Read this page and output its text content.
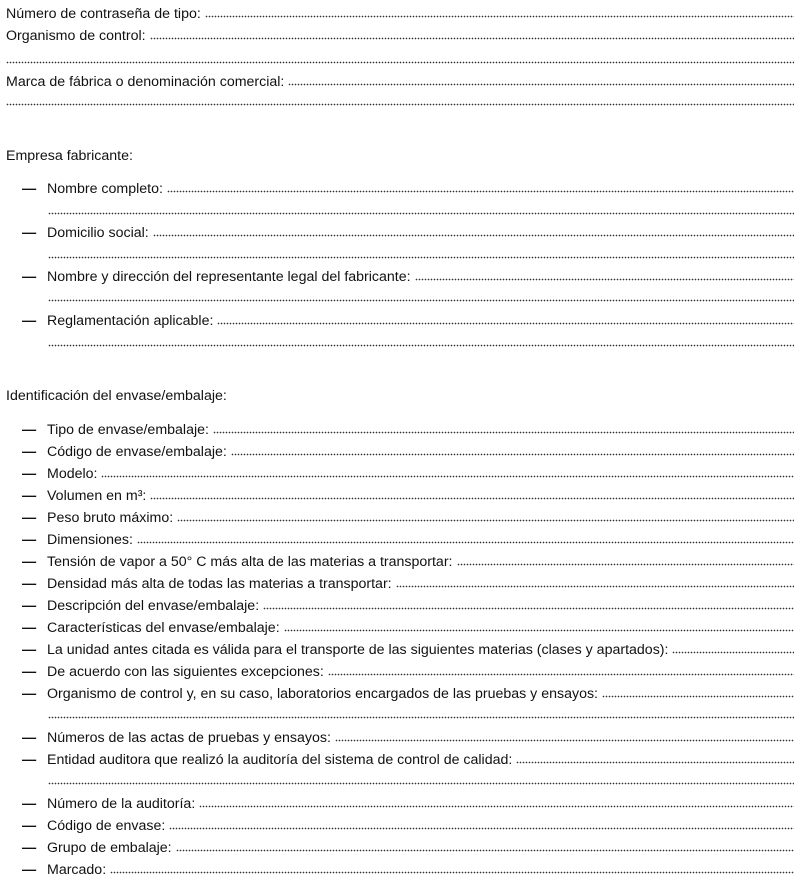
Número de contraseña de tipo:
Organismo de control:
Marca de fábrica o denominación comercial:
Empresa fabricante:
— Nombre completo:
— Domicilio social:
— Nombre y dirección del representante legal del fabricante:
— Reglamentación aplicable:
Identificación del envase/embalaje:
— Tipo de envase/embalaje:
— Código de envase/embalaje:
— Modelo:
— Volumen en m³:
— Peso bruto máximo:
— Dimensiones:
— Tensión de vapor a 50° C más alta de las materias a transportar:
— Densidad más alta de todas las materias a transportar:
— Descripción del envase/embalaje:
— Características del envase/embalaje:
— La unidad antes citada es válida para el transporte de las siguientes materias (clases y apartados):
— De acuerdo con las siguientes excepciones:
— Organismo de control y, en su caso, laboratorios encargados de las pruebas y ensayos:
— Números de las actas de pruebas y ensayos:
— Entidad auditora que realizó la auditoría del sistema de control de calidad:
— Número de la auditoría:
— Código de envase:
— Grupo de embalaje:
— Marcado:
